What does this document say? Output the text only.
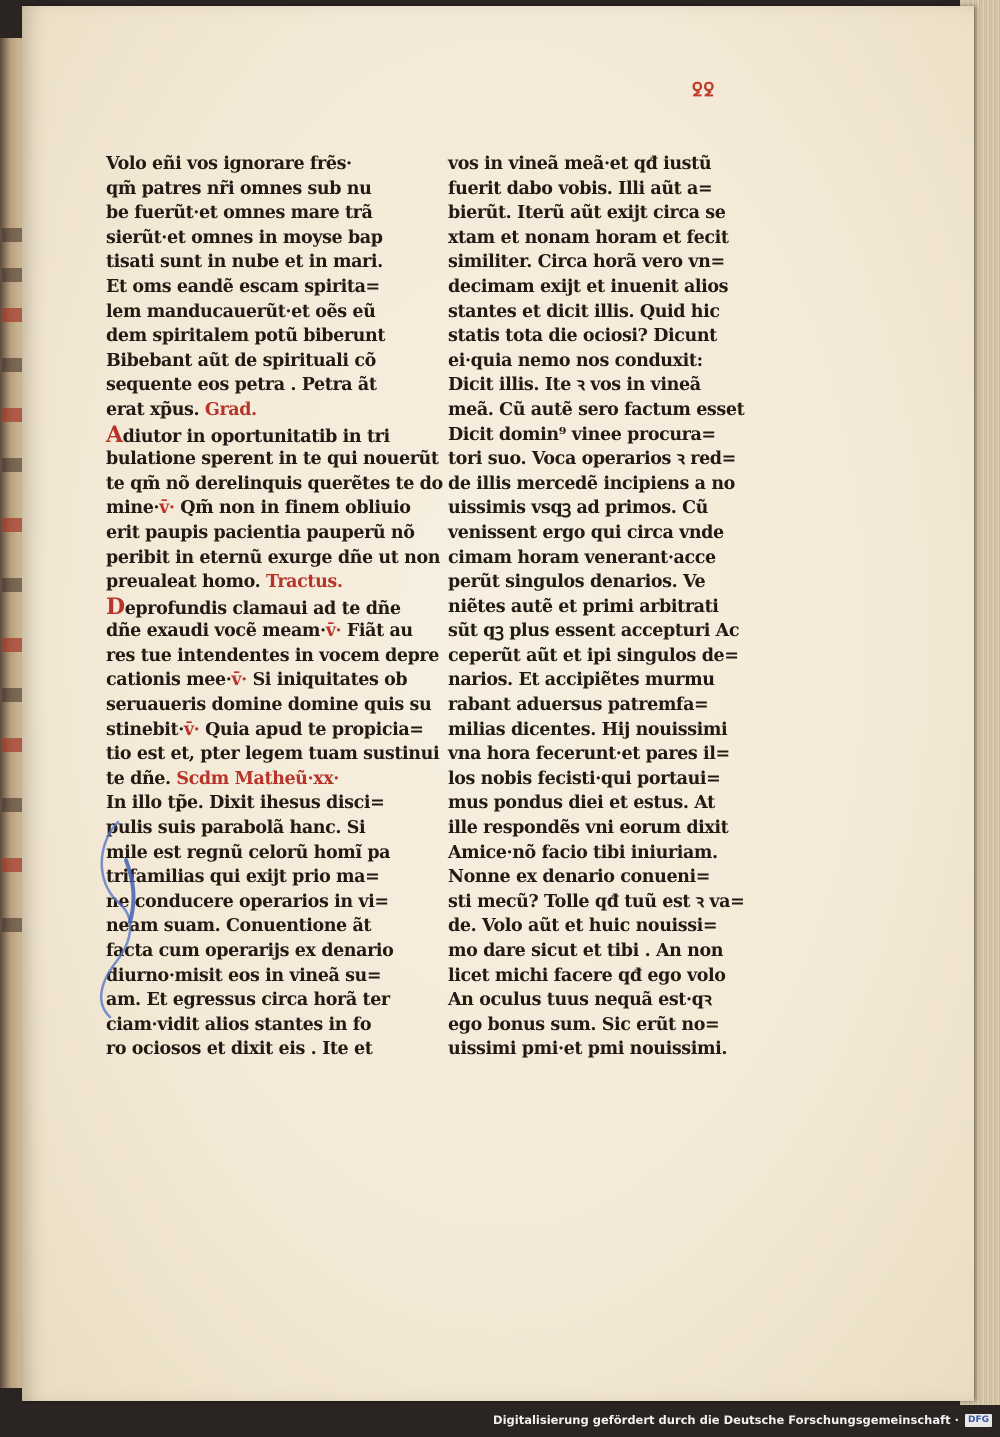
ꝿꝿ
Volo eñi vos ignorare frẽs·
qm̃ patres nr̃i omnes sub nu
be fuerũt·et omnes mare trã
sierũt·et omnes in moyse bap
tisati sunt in nube et in mari.
Et oms eandẽ escam spirita=
lem manducauerũt·et oẽs eũ
dem spiritalem potũ biberunt
Bibebant aũt de spirituali cõ
sequente eos petra . Petra ãt
erat xp̃us. Grad.
Adiutor in oportunitatib in tri
bulatione sperent in te qui nouerũt
te qm̃ nõ derelinquis querẽtes te do
mine·v̄· Qm̃ non in finem obliuio
erit paupis pacientia pauperũ nõ
peribit in eternũ exurge dñe ut non
preualeat homo. Tractus.
Deprofundis clamaui ad te dñe
dñe exaudi vocẽ meam·v̄· Fiãt au
res tue intendentes in vocem depre
cationis mee·v̄· Si iniquitates ob
seruaueris domine domine quis su
stinebit·v̄· Quia apud te propicia=
tio est et, pter legem tuam sustinui
te dñe. Scdm Matheũ·xx·
In illo tp̃e. Dixit ihesus disci=
pulis suis parabolã hanc. Si
mile est regnũ celorũ homĩ pa
trifamilias qui exijt prio ma=
ne conducere operarios in vi=
neam suam. Conuentione ãt
facta cum operarijs ex denario
diurno·misit eos in vineã su=
am. Et egressus circa horã ter
ciam·vidit alios stantes in fo
ro ociosos et dixit eis . Ite et
vos in vineã meã·et qđ iustũ
fuerit dabo vobis. Illi aũt a=
bierũt. Iterũ aũt exijt circa se
xtam et nonam horam et fecit
similiter. Circa horã vero vn=
decimam exijt et inuenit alios
stantes et dicit illis. Quid hic
statis tota die ociosi? Dicunt
ei·quia nemo nos conduxit:
Dicit illis. Ite ꝛ vos in vineã
meã. Cũ autẽ sero factum esset
Dicit domin⁹ vinee procura=
tori suo. Voca operarios ꝛ red=
de illis mercedẽ incipiens a no
uissimis vsqꝫ ad primos. Cũ
venissent ergo qui circa vnde
cimam horam venerant·acce
perũt singulos denarios. Ve
niẽtes autẽ et primi arbitrati
sũt qꝫ plus essent accepturi Ac
ceperũt aũt et ipi singulos de=
narios. Et accipiẽtes murmu
rabant aduersus patremfa=
milias dicentes. Hij nouissimi
vna hora fecerunt·et pares il=
los nobis fecisti·qui portaui=
mus pondus diei et estus. At
ille respondẽs vni eorum dixit
Amice·nõ facio tibi iniuriam.
Nonne ex denario conueni=
sti mecũ? Tolle qđ tuũ est ꝛ va=
de. Volo aũt et huic nouissi=
mo dare sicut et tibi . An non
licet michi facere qđ ego volo
An oculus tuus nequã est·qꝛ
ego bonus sum. Sic erũt no=
uissimi pmi·et pmi nouissimi.
Digitalisierung gefördert durch die Deutsche Forschungsgemeinschaft ·	DFG
